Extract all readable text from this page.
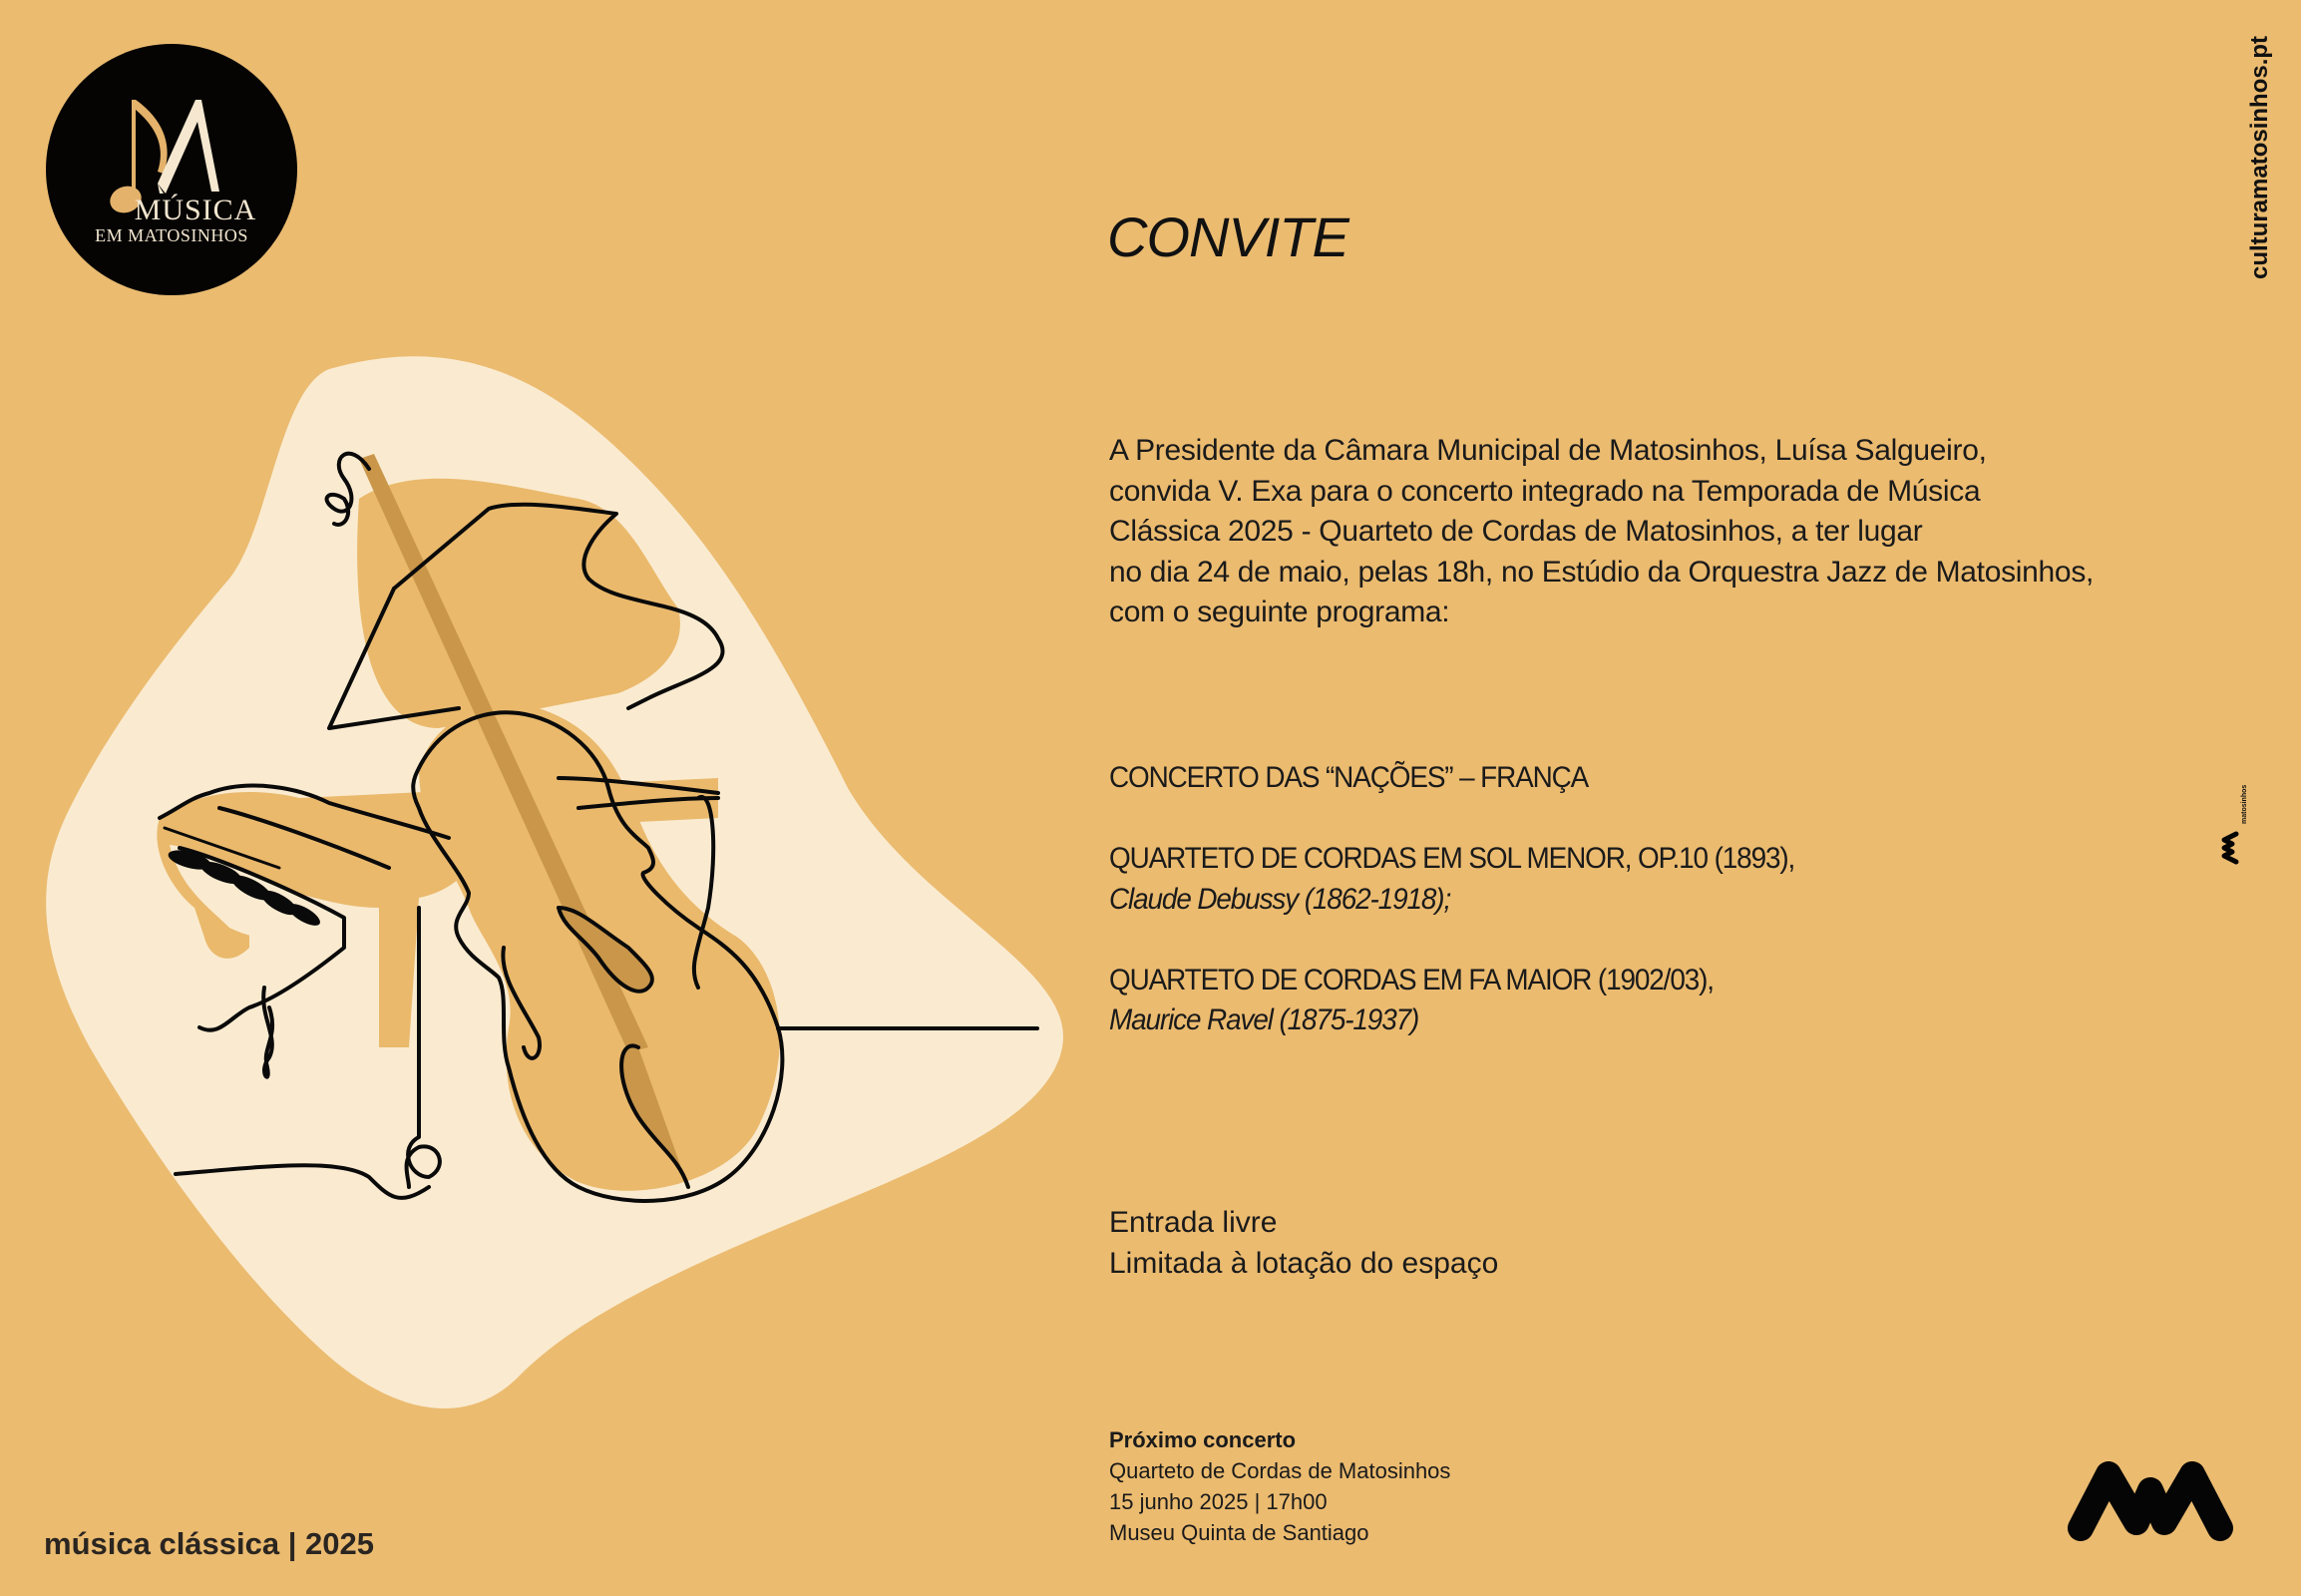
MÚSICA
EM MATOSINHOS	CONVITE
A Presidente da Câmara Municipal de Matosinhos, Luísa Salgueiro,
convida V. Exa para o concerto integrado na Temporada de Música
Clássica 2025 - Quarteto de Cordas de Matosinhos, a ter lugar
no dia 24 de maio, pelas 18h, no Estúdio da Orquestra Jazz de Matosinhos,
com o seguinte programa:
CONCERTO DAS “NAÇÕES” – FRANÇA
QUARTETO DE CORDAS EM SOL MENOR, OP.10 (1893),
Claude Debussy (1862-1918);
QUARTETO DE CORDAS EM FA MAIOR (1902/03),
Maurice Ravel (1875-1937)
Entrada livre
Limitada à lotação do espaço
Próximo concerto
Quarteto de Cordas de Matosinhos
15 junho 2025 | 17h00
Museu Quinta de Santiago
música clássica | 2025
culturamatosinhos.pt
matosinhos
